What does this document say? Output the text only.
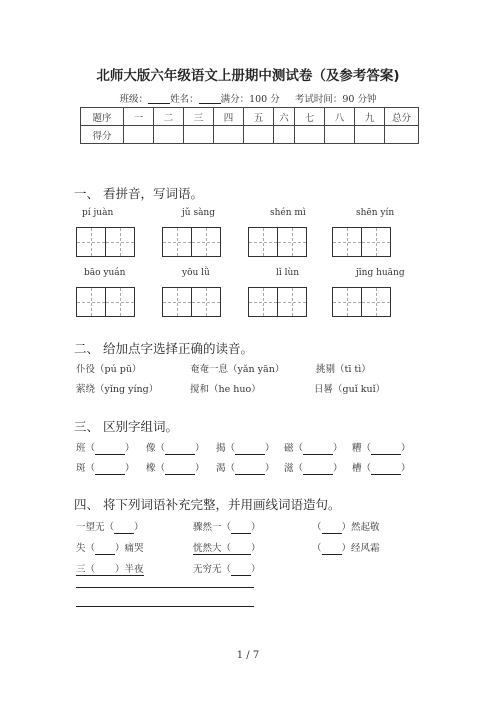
北师大版六年级语文上册期中测试卷（及参考答案)
班级： 姓名： 满分：100 分 考试时间：90 分钟
题序	一	二	三	四	五	六	七	八	九	总分
得分										
一、 看拼音，写词语。
pí juàn	jǔ sàng	shén mì	shēn yín
bāo yuán	yōu lǜ	lǐ lùn	jīng huāng
二、 给加点字选择正确的读音。
仆役（pú pū）	奄奄一息（yǎn yān）	挑剔（tī tì）
萦绕（yǐng yíng）	搅和（he huo）	日晷（guǐ kuǐ）
三、 区别字组词。
班（	） 像（	） 揭（	） 磁（	） 糟（	）
斑（	） 橡（	） 渴（	） 滋（	） 槽（	）
四、 将下列词语补充完整，并用画线词语造句。
一望无（ ）	骤然一（ ）	（ ）然起敬
失（ ）痛哭	恍然大（ ）	（ ）经风霜
三（ ）半夜	无穷无（ ）
1 / 7
